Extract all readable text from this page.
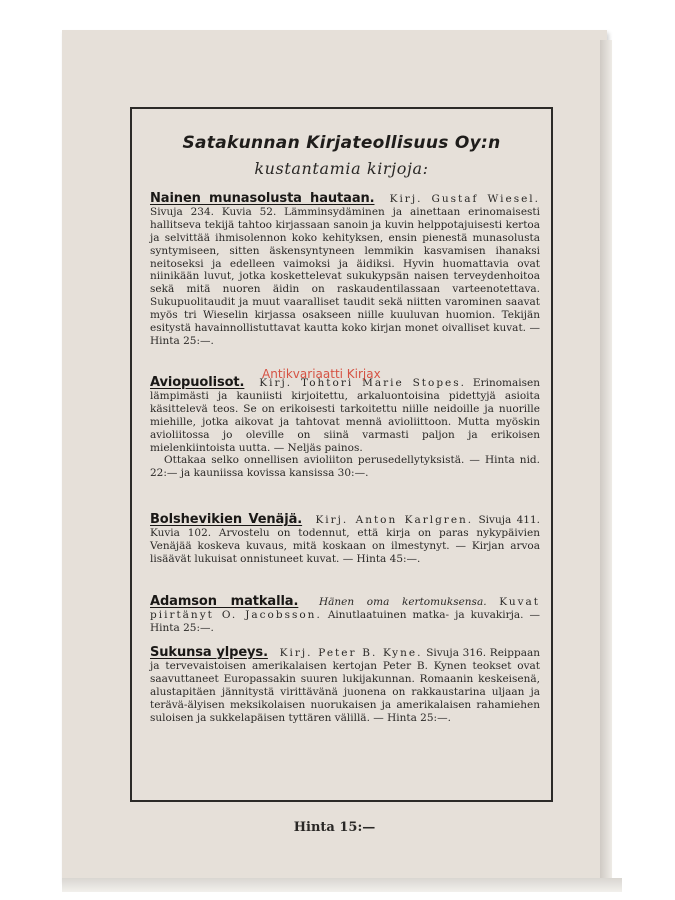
Satakunnan Kirjateollisuus Oy:n
kustantamia kirjoja:
Nainen munasolusta hautaan. Kirj. Gustaf Wiesel. Sivuja 234. Kuvia 52. Lämminsydäminen ja ainettaan erinomaisesti hallitseva tekijä tahtoo kirjassaan sanoin ja kuvin helppotajuisesti kertoa ja selvittää ihmisolennon koko kehityksen, ensin pienestä munasolusta syntymiseen, sitten äskensyntyneen lemmikin kasvamisen ihanaksi neitoseksi ja edelleen vaimoksi ja äidiksi. Hyvin huomattavia ovat niinikään luvut, jotka koskettelevat sukukypsän naisen terveydenhoitoa sekä mitä nuoren äidin on raskaudentilassaan varteenotettava. Sukupuolitaudit ja muut vaaralliset taudit sekä niitten varominen saavat myös tri Wieselin kirjassa osakseen niille kuuluvan huomion. Tekijän esitystä havainnollistuttavat kautta koko kirjan monet oivalliset kuvat. — Hinta 25:—.
Aviopuolisot. Kirj. Tohtori Marie Stopes. Erinomaisen lämpimästi ja kauniisti kirjoitettu, arkaluontoisina pidettyjä asioita käsittelevä teos. Se on erikoisesti tarkoitettu niille neidoille ja nuorille miehille, jotka aikovat ja tahtovat mennä avioliittoon. Mutta myöskin avioliitossa jo oleville on siinä varmasti paljon ja erikoisen mielenkiintoista uutta. — Neljäs painos.
Ottakaa selko onnellisen avioliiton perusedellytyksistä. — Hinta nid. 22:— ja kauniissa kovissa kansissa 30:—.
Bolshevikien Venäjä. Kirj. Anton Karlgren. Sivuja 411. Kuvia 102. Arvostelu on todennut, että kirja on paras nykypäivien Venäjää koskeva kuvaus, mitä koskaan on ilmestynyt. — Kirjan arvoa lisäävät lukuisat onnistuneet kuvat. — Hinta 45:—.
Adamson matkalla. Hänen oma kertomuksensa. Kuvat piirtänyt O. Jacobsson. Ainutlaatuinen matka- ja kuvakirja. — Hinta 25:—.
Sukunsa ylpeys. Kirj. Peter B. Kyne. Sivuja 316. Reippaan ja tervevaistoisen amerikalaisen kertojan Peter B. Kynen teokset ovat saavuttaneet Europassakin suuren lukijakunnan. Romaanin keskeisenä, alustapitäen jännitystä virittävänä juonena on rakkaustarina uljaan ja terävä-älyisen meksikolaisen nuorukaisen ja amerikalaisen rahamiehen suloisen ja sukkelapäisen tyttären välillä. — Hinta 25:—.
Hinta 15:—
Antikvariaatti Kirjax
